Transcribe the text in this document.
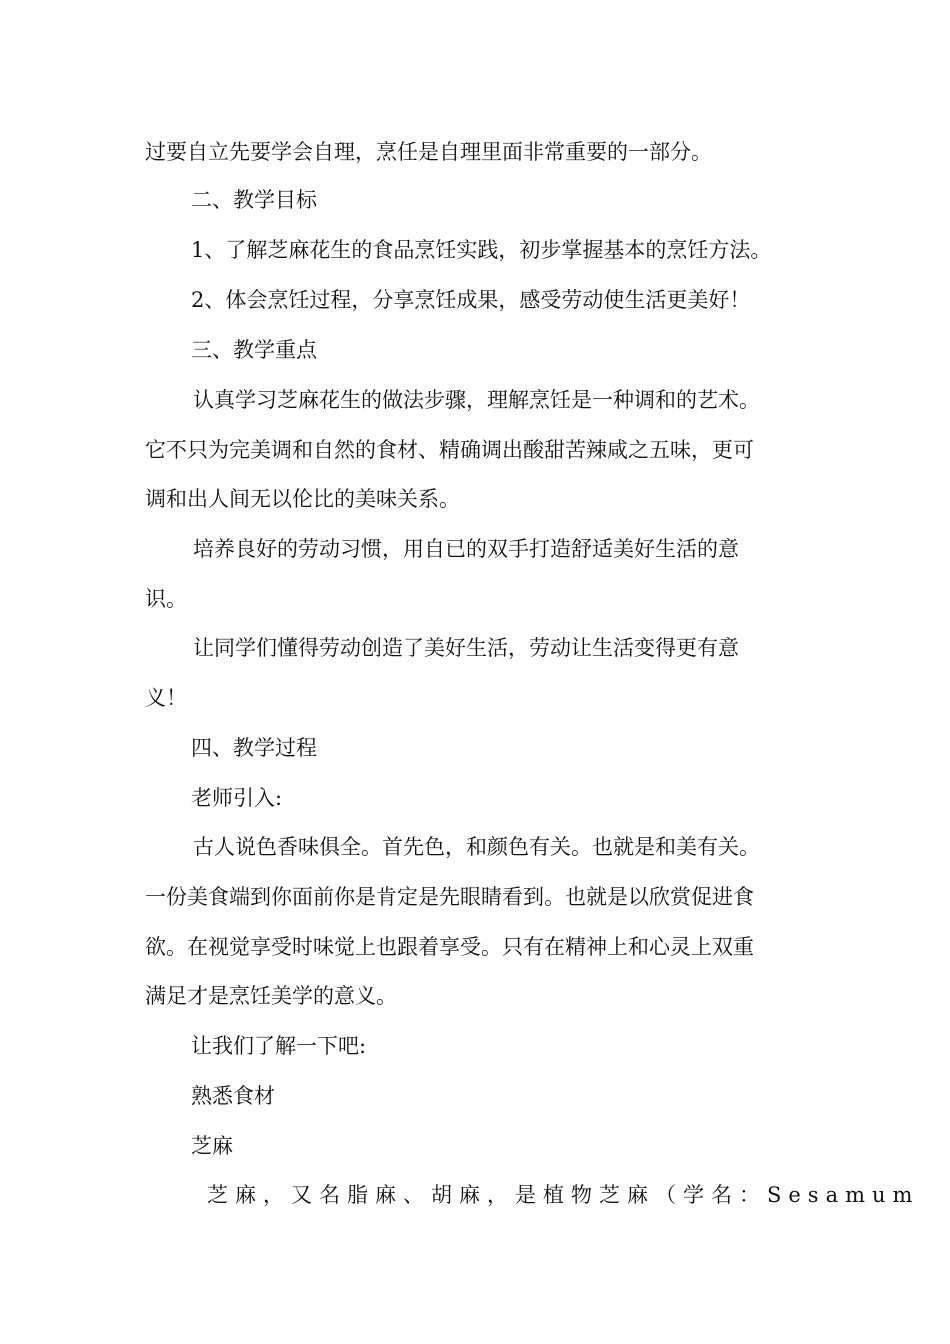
过要自立先要学会自理，烹任是自理里面非常重要的一部分。
二、教学目标
1、了解芝麻花生的食品烹饪实践，初步掌握基本的烹饪方法。
2、体会烹饪过程，分享烹饪成果，感受劳动使生活更美好！
三、教学重点
认真学习芝麻花生的做法步骤，理解烹饪是一种调和的艺术。
它不只为完美调和自然的食材、精确调出酸甜苦辣咸之五味，更可
调和出人间无以伦比的美味关系。
培养良好的劳动习惯，用自已的双手打造舒适美好生活的意
识。
让同学们懂得劳动创造了美好生活，劳动让生活变得更有意
义！
四、教学过程
老师引入:
古人说色香味俱全。首先色，和颜色有关。也就是和美有关。
一份美食端到你面前你是肯定是先眼睛看到。也就是以欣赏促进食
欲。在视觉享受时味觉上也跟着享受。只有在精神上和心灵上双重
满足才是烹饪美学的意义。
让我们了解一下吧:
熟悉食材
芝麻
芝麻，又名脂麻、胡麻，是植物芝麻（学名：Sesamum
